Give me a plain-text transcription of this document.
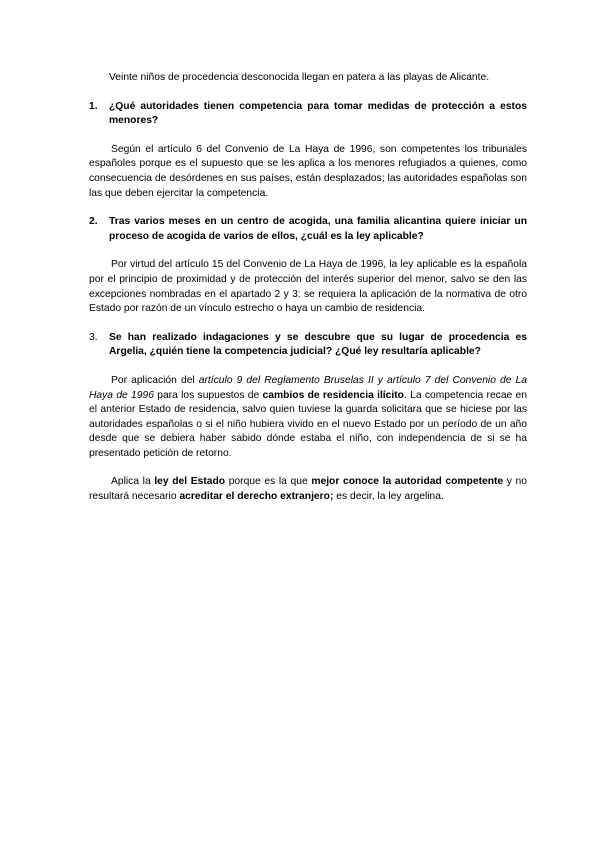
Veinte niños de procedencia desconocida llegan en patera a las playas de Alicante.

1. ¿Qué autoridades tienen competencia para tomar medidas de protección a estos menores?

Según el artículo 6 del Convenio de La Haya de 1996, son competentes los tribunales españoles porque es el supuesto que se les aplica a los menores refugiados a quienes, como consecuencia de desórdenes en sus países, están desplazados; las autoridades españolas son las que deben ejercitar la competencia.

2. Tras varios meses en un centro de acogida, una familia alicantina quiere iniciar un proceso de acogida de varios de ellos, ¿cuál es la ley aplicable?

Por virtud del artículo 15 del Convenio de La Haya de 1996, la ley aplicable es la española por el principio de proximidad y de protección del interés superior del menor, salvo se den las excepciones nombradas en el apartado 2 y 3: se requiera la aplicación de la normativa de otro Estado por razón de un vínculo estrecho o haya un cambio de residencia.

3. Se han realizado indagaciones y se descubre que su lugar de procedencia es Argelia, ¿quién tiene la competencia judicial? ¿Qué ley resultaría aplicable?

Por aplicación del artículo 9 del Reglamento Bruselas II y artículo 7 del Convenio de La Haya de 1996 para los supuestos de cambios de residencia ilícito. La competencia recae en el anterior Estado de residencia, salvo quien tuviese la guarda solicitara que se hiciese por las autoridades españolas o si el niño hubiera vivido en el nuevo Estado por un período de un año desde que se debiera haber sabido dónde estaba el niño, con independencia de si se ha presentado petición de retorno.

Aplica la ley del Estado porque es la que mejor conoce la autoridad competente y no resultará necesario acreditar el derecho extranjero; es decir, la ley argelina.
